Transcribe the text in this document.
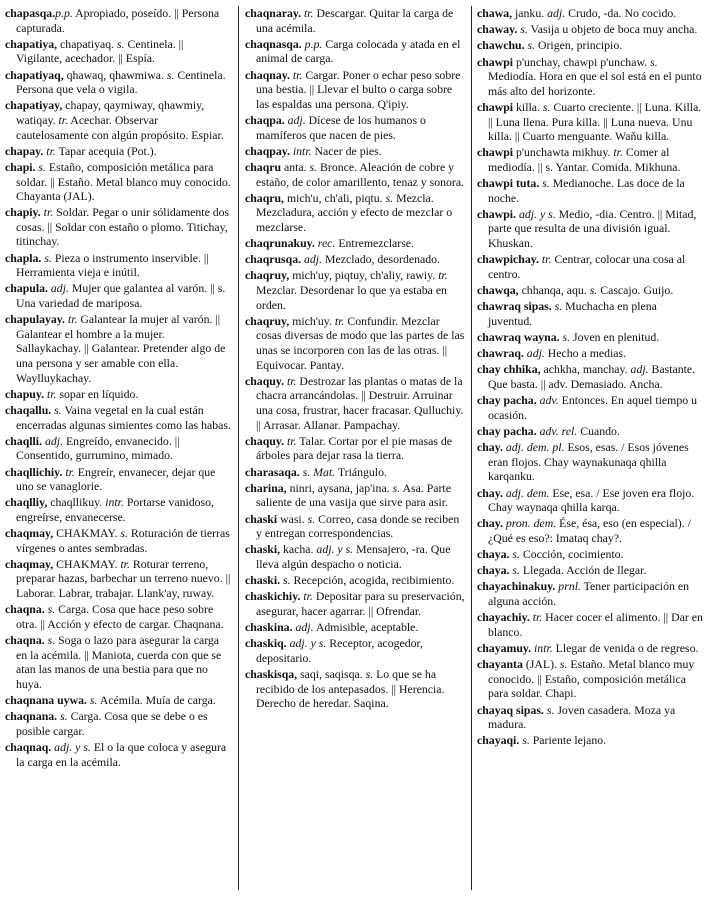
chapasqa.p.p. Apropiado, poseído. || Persona capturada.

chapatiya, chapatiyaq. s. Centinela. || Vigilante, acechador. || Espía.

chapatiyaq, qhawaq, qhawmiwa. s. Centinela. Persona que vela o vigila.

chapatiyay, chapay, qaymiway, qhawmiy, watiqay. tr. Acechar. Observar cautelosamente con algún propósito. Espiar.

chapay. tr. Tapar acequia (Pot.).

chapi. s. Estaño, composición metálica para soldar. || Estaño. Metal blanco muy conocido. Chayanta (JAL).

chapiy. tr. Soldar. Pegar o unir sólidamente dos cosas. || Soldar con estaño o plomo. Titichay, titinchay.

chapla. s. Pieza o instrumento inservible. || Herramienta vieja e inútil.

chapula. adj. Mujer que galantea al varón. || s. Una variedad de mariposa.

chapulayay. tr. Galantear la mujer al varón. || Galantear el hombre a la mujer. Sallaykachay. || Galantear. Pretender algo de una persona y ser amable con ella. Waylluykachay.

chapuy. tr. sopar en líquido.

chaqallu. s. Vaina vegetal en la cual están encerradas algunas simientes como las habas.

chaqlli. adj. Engreído, envanecido. || Consentido, gurrumino, mimado.

chaqllichiy. tr. Engreír, envanecer, dejar que uno se vanaglorie.

chaqlliy, chaqllikuy. intr. Portarse vanidoso, engreírse, envanecerse.

chaqmay, CHAKMAY. s. Roturación de tierras vírgenes o antes sembradas.

chaqmay, CHAKMAY. tr. Roturar terreno, preparar hazas, barbechar un terreno nuevo. || Laborar. Labrar, trabajar. Llank'ay, ruway.

chaqna. s. Carga. Cosa que hace peso sobre otra. || Acción y efecto de cargar. Chaqnana.

chaqna. s. Soga o lazo para asegurar la carga en la acémila. || Maniota, cuerda con que se atan las manos de una bestia para que no huya.

chaqnana uywa. s. Acémila. Muía de carga.

chaqnana. s. Carga. Cosa que se debe o es posible cargar.

chaqnaq. adj. y s. El o la que coloca y asegura la carga en la acémila.

chaqnaray. tr. Descargar. Quitar la carga de una acémila.

chaqnasqa. p.p. Carga colocada y atada en el animal de carga.

chaqnay. tr. Cargar. Poner o echar peso sobre una bestia. || Llevar el bulto o carga sobre las espaldas una persona. Q'ipiy.

chaqpa. adj. Dícese de los humanos o mamíferos que nacen de pies.

chaqpay. intr. Nacer de pies.

chaqru anta. s. Bronce. Aleación de cobre y estaño, de color amarillento, tenaz y sonora.

chaqru, mich'u, ch'ali, piqtu. s. Mezcla. Mezcladura, acción y efecto de mezclar o mezclarse.

chaqrunakuy. rec. Entremezclarse.

chaqrusqa. adj. Mezclado, desordenado.

chaqruy, mich'uy, piqtuy, ch'aliy, rawiy. tr. Mezclar. Desordenar lo que ya estaba en orden.

chaqruy, mich'uy. tr. Confundir. Mezclar cosas diversas de modo que las partes de las unas se incorporen con las de las otras. || Equivocar. Pantay.

chaquy. tr. Destrozar las plantas o matas de la chacra arrancándolas. || Destruir. Arruinar una cosa, frustrar, hacer fracasar. Qulluchiy. || Arrasar. Allanar. Pampachay.

chaquy. tr. Talar. Cortar por el pie masas de árboles para dejar rasa la tierra.

charasaqa. s. Mat. Triángulo.

charina, ninri, aysana, jap'ina. s. Asa. Parte saliente de una vasija que sirve para asir.

chaski wasi. s. Correo, casa donde se reciben y entregan correspondencias.

chaski, kacha. adj. y s. Mensajero, -ra. Que lleva algún despacho o noticia.

chaski. s. Recepción, acogida, recibimiento.

chaskichiy. tr. Depositar para su preservación, asegurar, hacer agarrar. || Ofrendar.

chaskina. adj. Admisible, aceptable.

chaskiq. adj. y s. Receptor, acogedor, depositario.

chaskisqa, saqi, saqisqa. s. Lo que se ha recibido de los antepasados. || Herencia. Derecho de heredar. Saqina.

chawa, janku. adj. Crudo, -da. No cocido.

chaway. s. Vasija u objeto de boca muy ancha.

chawchu. s. Origen, principio.

chawpi p'unchay, chawpi p'unchaw. s. Mediodía. Hora en que el sol está en el punto más alto del horizonte.

chawpi killa. s. Cuarto creciente. || Luna. Killa. || Luna llena. Pura killa. || Luna nueva. Unu killa. || Cuarto menguante. Waňu killa.

chawpi p'unchawta mikhuy. tr. Comer al mediodía. || s. Yantar. Comida. Mikhuna.

chawpi tuta. s. Medianoche. Las doce de la noche.

chawpi. adj. y s. Medio, -dia. Centro. || Mitad, parte que resulta de una división igual. Khuskan.

chawpichay. tr. Centrar, colocar una cosa al centro.

chawqa, chhanqa, aqu. s. Cascajo. Guijo.

chawraq sipas. s. Muchacha en plena juventud.

chawraq wayna. s. Joven en plenitud.

chawraq. adj. Hecho a medias.

chay chhika, achkha, manchay. adj. Bastante. Que basta. || adv. Demasiado. Ancha.

chay pacha. adv. Entonces. En aquel tiempo u ocasión.

chay pacha. adv. rel. Cuando.

chay. adj. dem. pl. Esos, esas. / Esos jóvenes eran flojos. Chay waynakunaqa qhilla karqanku.

chay. adj. dem. Ese, esa. / Ese joven era flojo. Chay waynaqa qhilla karqa.

chay. pron. dem. Ése, ésa, eso (en especial). / ¿Qué es eso?: Imataq chay?.

chaya. s. Cocción, cocimiento.

chaya. s. Llegada. Acción de llegar.

chayachinakuy. prnl. Tener participación en alguna acción.

chayachiy. tr. Hacer cocer el alimento. || Dar en blanco.

chayamuy. intr. Llegar de venida o de regreso.

chayanta (JAL). s. Estaño. Metal blanco muy conocido. || Estaño, composición metálica para soldar. Chapi.

chayaq sipas. s. Joven casadera. Moza ya madura.

chayaqi. s. Pariente lejano.
